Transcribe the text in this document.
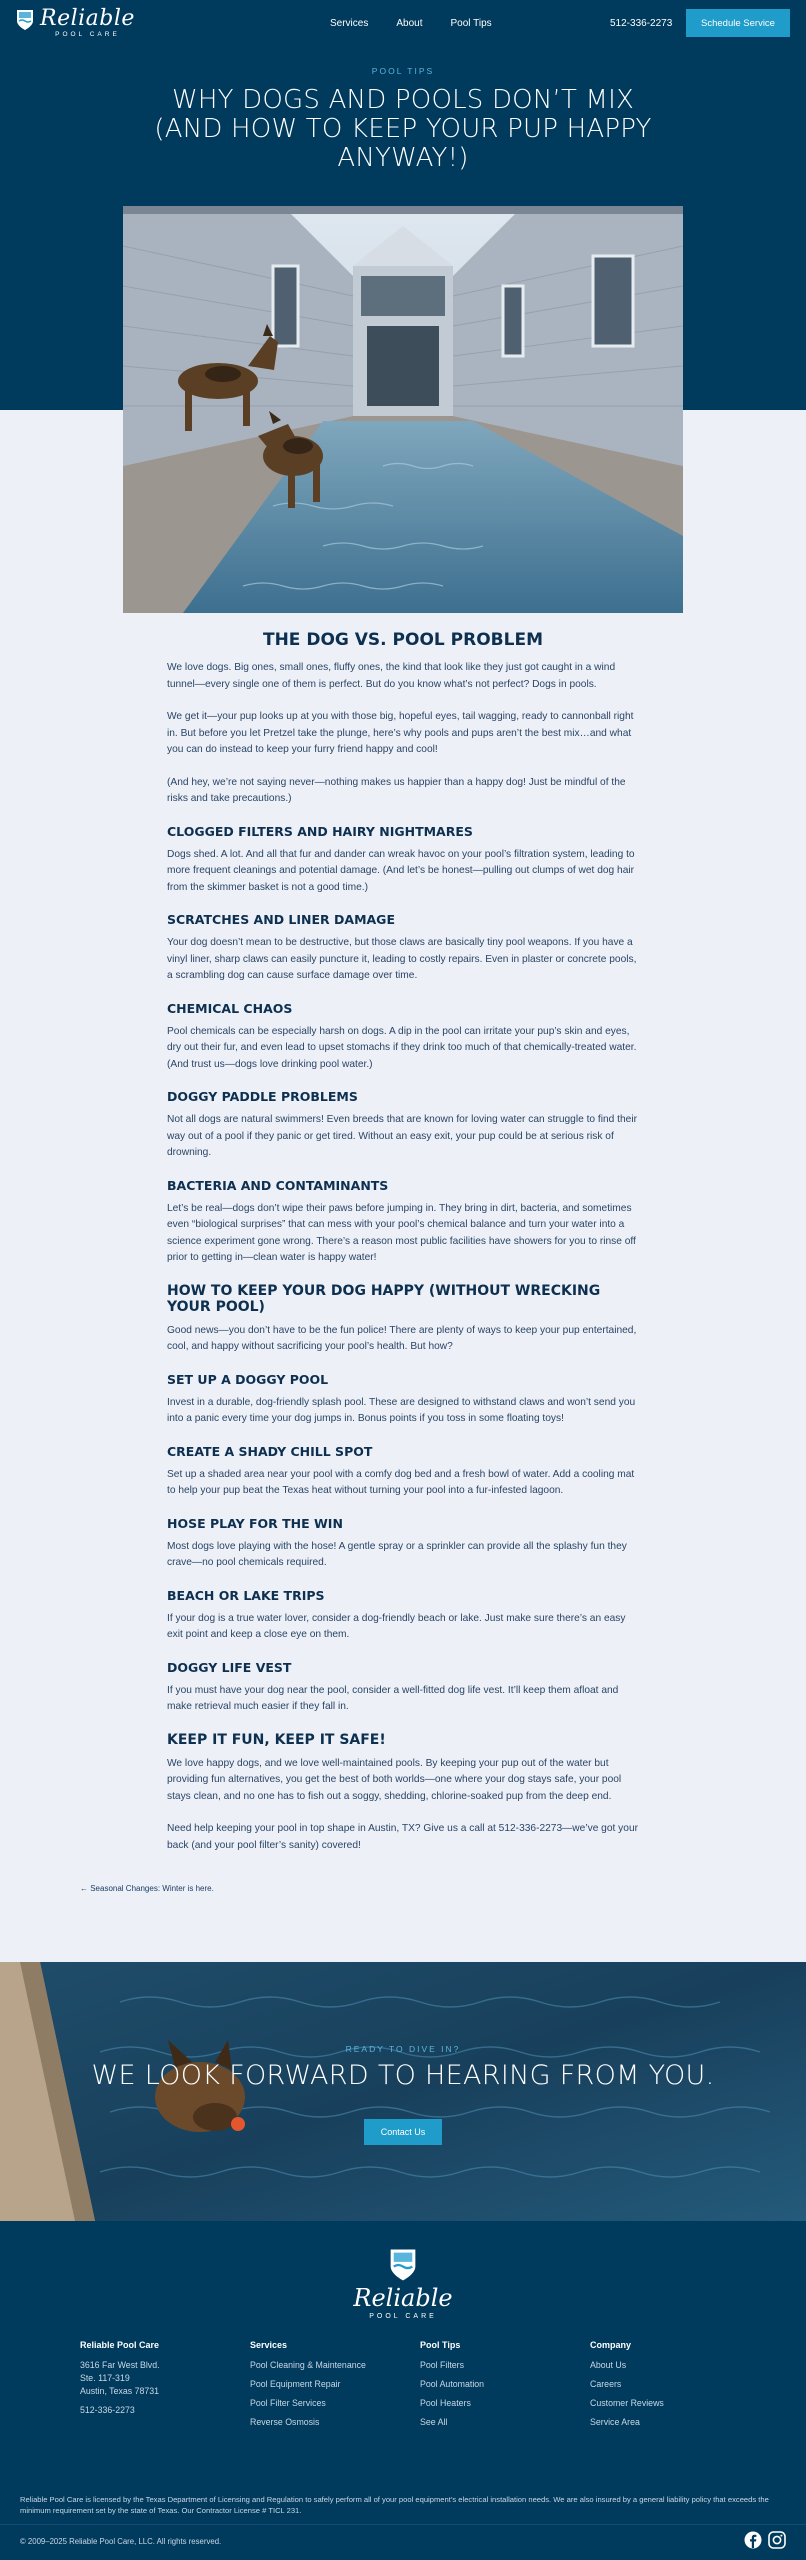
Reliable
POOL CARE
Services	About	Pool Tips	512-336-2273	Schedule Service
POOL TIPS
WHY DOGS AND POOLS DON’T MIX (AND HOW TO KEEP YOUR PUP HAPPY ANYWAY!)
THE DOG VS. POOL PROBLEM

We love dogs. Big ones, small ones, fluffy ones, the kind that look like they just got caught in a wind tunnel—every single one of them is perfect. But do you know what’s not perfect? Dogs in pools.

We get it—your pup looks up at you with those big, hopeful eyes, tail wagging, ready to cannonball right in. But before you let Pretzel take the plunge, here’s why pools and pups aren’t the best mix…and what you can do instead to keep your furry friend happy and cool!

(And hey, we’re not saying never—nothing makes us happier than a happy dog! Just be mindful of the risks and take precautions.)

CLOGGED FILTERS AND HAIRY NIGHTMARES

Dogs shed. A lot. And all that fur and dander can wreak havoc on your pool’s filtration system, leading to more frequent cleanings and potential damage. (And let’s be honest—pulling out clumps of wet dog hair from the skimmer basket is not a good time.)

SCRATCHES AND LINER DAMAGE

Your dog doesn’t mean to be destructive, but those claws are basically tiny pool weapons. If you have a vinyl liner, sharp claws can easily puncture it, leading to costly repairs. Even in plaster or concrete pools, a scrambling dog can cause surface damage over time.

CHEMICAL CHAOS

Pool chemicals can be especially harsh on dogs. A dip in the pool can irritate your pup’s skin and eyes, dry out their fur, and even lead to upset stomachs if they drink too much of that chemically-treated water. (And trust us—dogs love drinking pool water.)

DOGGY PADDLE PROBLEMS

Not all dogs are natural swimmers! Even breeds that are known for loving water can struggle to find their way out of a pool if they panic or get tired. Without an easy exit, your pup could be at serious risk of drowning.

BACTERIA AND CONTAMINANTS

Let’s be real—dogs don’t wipe their paws before jumping in. They bring in dirt, bacteria, and sometimes even “biological surprises” that can mess with your pool’s chemical balance and turn your water into a science experiment gone wrong. There’s a reason most public facilities have showers for you to rinse off prior to getting in—clean water is happy water!

HOW TO KEEP YOUR DOG HAPPY (WITHOUT WRECKING YOUR POOL)

Good news—you don’t have to be the fun police! There are plenty of ways to keep your pup entertained, cool, and happy without sacrificing your pool’s health. But how?

SET UP A DOGGY POOL

Invest in a durable, dog-friendly splash pool. These are designed to withstand claws and won’t send you into a panic every time your dog jumps in. Bonus points if you toss in some floating toys!

CREATE A SHADY CHILL SPOT

Set up a shaded area near your pool with a comfy dog bed and a fresh bowl of water. Add a cooling mat to help your pup beat the Texas heat without turning your pool into a fur-infested lagoon.

HOSE PLAY FOR THE WIN

Most dogs love playing with the hose! A gentle spray or a sprinkler can provide all the splashy fun they crave—no pool chemicals required.

BEACH OR LAKE TRIPS

If your dog is a true water lover, consider a dog-friendly beach or lake. Just make sure there’s an easy exit point and keep a close eye on them.

DOGGY LIFE VEST

If you must have your dog near the pool, consider a well-fitted dog life vest. It’ll keep them afloat and make retrieval much easier if they fall in.

KEEP IT FUN, KEEP IT SAFE!

We love happy dogs, and we love well-maintained pools. By keeping your pup out of the water but providing fun alternatives, you get the best of both worlds—one where your dog stays safe, your pool stays clean, and no one has to fish out a soggy, shedding, chlorine-soaked pup from the deep end.

Need help keeping your pool in top shape in Austin, TX? Give us a call at 512-336-2273—we’ve got your back (and your pool filter’s sanity) covered!

← Seasonal Changes: Winter is here.
READY TO DIVE IN?
WE LOOK FORWARD TO HEARING FROM YOU.
Contact Us
Reliable
POOL CARE
Reliable Pool Care
3616 Far West Blvd.
Ste. 117-319
Austin, Texas 78731
512-336-2273
Services
Pool Cleaning & Maintenance
Pool Equipment Repair
Pool Filter Services
Reverse Osmosis
Pool Tips
Pool Filters
Pool Automation
Pool Heaters
See All
Company
About Us
Careers
Customer Reviews
Service Area
Reliable Pool Care is licensed by the Texas Department of Licensing and Regulation to safely perform all of your pool equipment’s electrical installation needs. We are also insured by a general liability policy that exceeds the minimum requirement set by the state of Texas. Our Contractor License # TICL 231.
© 2009–2025 Reliable Pool Care, LLC. All rights reserved.
